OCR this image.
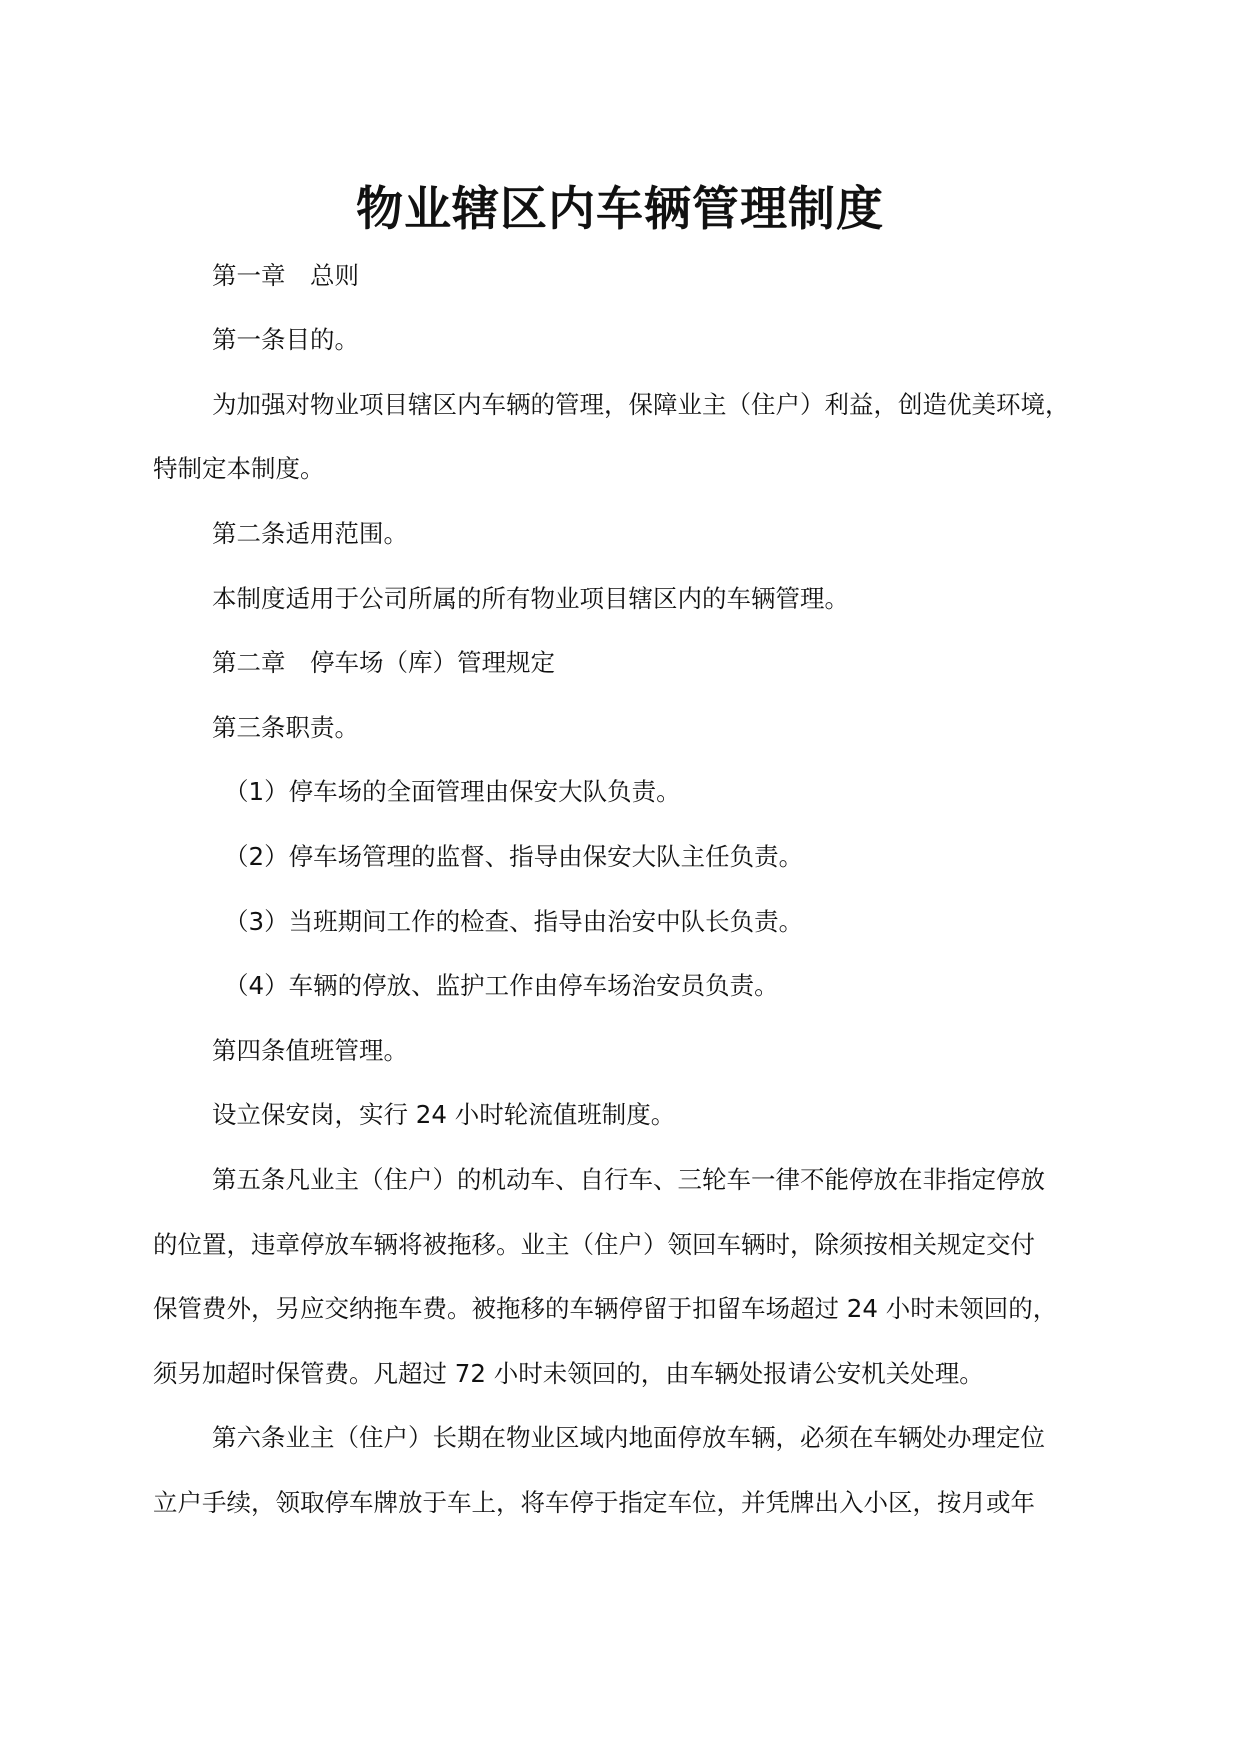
物业辖区内车辆管理制度

第一章　总则

第一条目的。

为加强对物业项目辖区内车辆的管理，保障业主（住户）利益，创造优美环境，

特制定本制度。

第二条适用范围。

本制度适用于公司所属的所有物业项目辖区内的车辆管理。

第二章　停车场（库）管理规定

第三条职责。

（1）停车场的全面管理由保安大队负责。

（2）停车场管理的监督、指导由保安大队主任负责。

（3）当班期间工作的检查、指导由治安中队长负责。

（4）车辆的停放、监护工作由停车场治安员负责。

第四条值班管理。

设立保安岗，实行 24 小时轮流值班制度。

第五条凡业主（住户）的机动车、自行车、三轮车一律不能停放在非指定停放

的位置，违章停放车辆将被拖移。业主（住户）领回车辆时，除须按相关规定交付

保管费外，另应交纳拖车费。被拖移的车辆停留于扣留车场超过 24 小时未领回的，

须另加超时保管费。凡超过 72 小时未领回的，由车辆处报请公安机关处理。

第六条业主（住户）长期在物业区域内地面停放车辆，必须在车辆处办理定位

立户手续，领取停车牌放于车上，将车停于指定车位，并凭牌出入小区，按月或年
